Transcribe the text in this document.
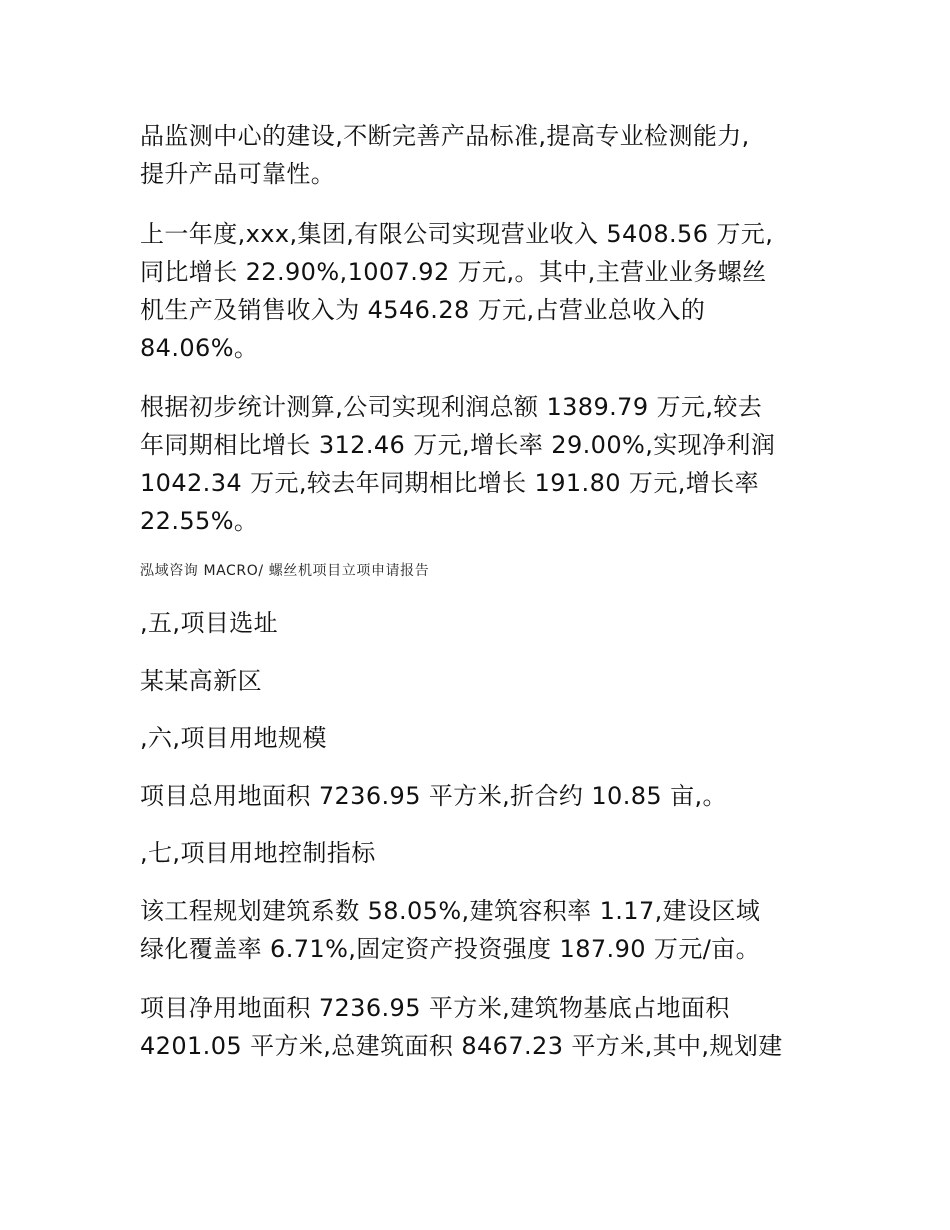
品监测中心的建设,不断完善产品标准,提高专业检测能力,
提升产品可靠性。
上一年度,xxx,集团,有限公司实现营业收入 5408.56 万元,
同比增长 22.90%,1007.92 万元,。其中,主营业业务螺丝
机生产及销售收入为 4546.28 万元,占营业总收入的
84.06%。
根据初步统计测算,公司实现利润总额 1389.79 万元,较去
年同期相比增长 312.46 万元,增长率 29.00%,实现净利润
1042.34 万元,较去年同期相比增长 191.80 万元,增长率
22.55%。
泓域咨询 MACRO/ 螺丝机项目立项申请报告
,五,项目选址
某某高新区
,六,项目用地规模
项目总用地面积 7236.95 平方米,折合约 10.85 亩,。
,七,项目用地控制指标
该工程规划建筑系数 58.05%,建筑容积率 1.17,建设区域
绿化覆盖率 6.71%,固定资产投资强度 187.90 万元/亩。
项目净用地面积 7236.95 平方米,建筑物基底占地面积
4201.05 平方米,总建筑面积 8467.23 平方米,其中,规划建
